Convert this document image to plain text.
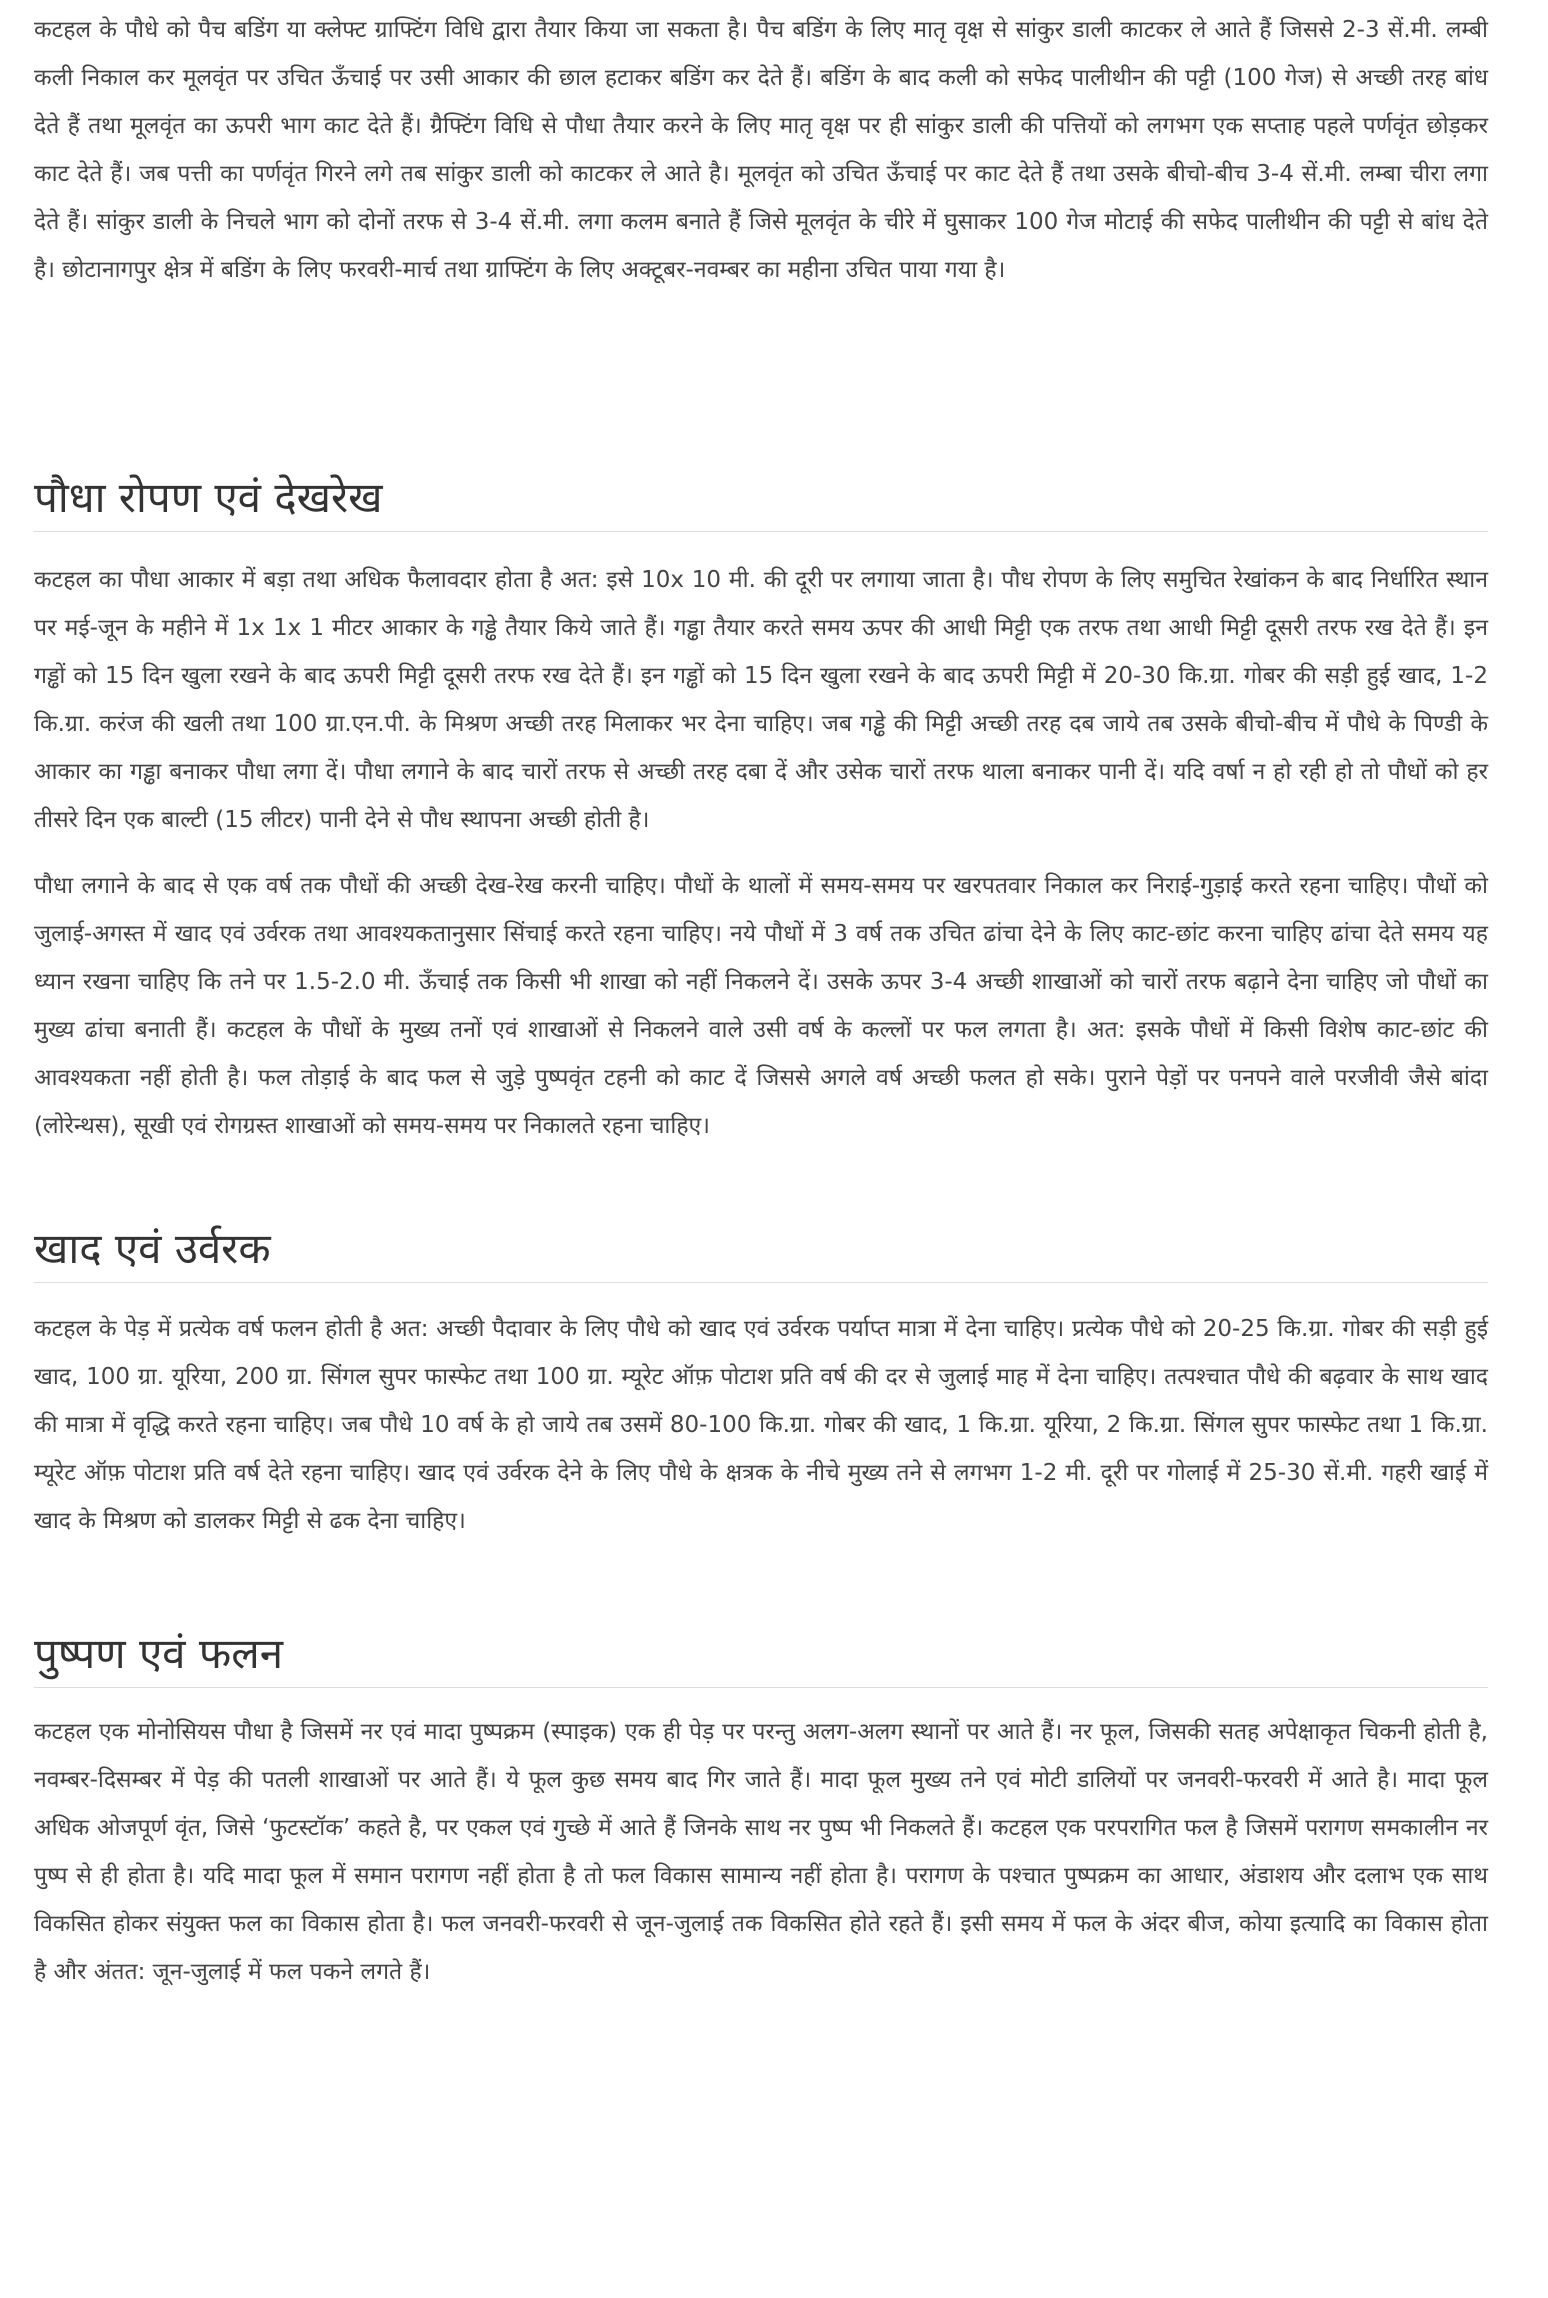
कटहल के पौधे को पैच बडिंग या क्लेफ्ट ग्राफ्टिंग विधि द्वारा तैयार किया जा सकता है। पैच बडिंग के लिए मातृ वृक्ष से सांकुर डाली काटकर ले आते हैं जिससे 2-3 सें.मी. लम्बी कली निकाल कर मूलवृंत पर उचित ऊँचाई पर उसी आकार की छाल हटाकर बडिंग कर देते हैं। बडिंग के बाद कली को सफेद पालीथीन की पट्टी (100 गेज) से अच्छी तरह बांध देते हैं तथा मूलवृंत का ऊपरी भाग काट देते हैं। ग्रैफ्टिंग विधि से पौधा तैयार करने के लिए मातृ वृक्ष पर ही सांकुर डाली की पत्तियों को लगभग एक सप्ताह पहले पर्णवृंत छोड़कर काट देते हैं। जब पत्ती का पर्णवृंत गिरने लगे तब सांकुर डाली को काटकर ले आते है। मूलवृंत को उचित ऊँचाई पर काट देते हैं तथा उसके बीचो-बीच 3-4 सें.मी. लम्बा चीरा लगा देते हैं। सांकुर डाली के निचले भाग को दोनों तरफ से 3-4 सें.मी. लगा कलम बनाते हैं जिसे मूलवृंत के चीरे में घुसाकर 100 गेज मोटाई की सफेद पालीथीन की पट्टी से बांध देते है। छोटानागपुर क्षेत्र में बडिंग के लिए फरवरी-मार्च तथा ग्राफ्टिंग के लिए अक्टूबर-नवम्बर का महीना उचित पाया गया है।

पौधा रोपण एवं देखरेख

कटहल का पौधा आकार में बड़ा तथा अधिक फैलावदार होता है अत: इसे 10x 10 मी. की दूरी पर लगाया जाता है। पौध रोपण के लिए समुचित रेखांकन के बाद निर्धारित स्थान पर मई-जून के महीने में 1x 1x 1 मीटर आकार के गड्ढे तैयार किये जाते हैं। गड्ढा तैयार करते समय ऊपर की आधी मिट्टी एक तरफ तथा आधी मिट्टी दूसरी तरफ रख देते हैं। इन गड्ढों को 15 दिन खुला रखने के बाद ऊपरी मिट्टी दूसरी तरफ रख देते हैं। इन गड्ढों को 15 दिन खुला रखने के बाद ऊपरी मिट्टी में 20-30 कि.ग्रा. गोबर की सड़ी हुई खाद, 1-2 कि.ग्रा. करंज की खली तथा 100 ग्रा.एन.पी. के मिश्रण अच्छी तरह मिलाकर भर देना चाहिए। जब गड्ढे की मिट्टी अच्छी तरह दब जाये तब उसके बीचो-बीच में पौधे के पिण्डी के आकार का गड्ढा बनाकर पौधा लगा दें। पौधा लगाने के बाद चारों तरफ से अच्छी तरह दबा दें और उसेक चारों तरफ थाला बनाकर पानी दें। यदि वर्षा न हो रही हो तो पौधों को हर तीसरे दिन एक बाल्टी (15 लीटर) पानी देने से पौध स्थापना अच्छी होती है।

पौधा लगाने के बाद से एक वर्ष तक पौधों की अच्छी देख-रेख करनी चाहिए। पौधों के थालों में समय-समय पर खरपतवार निकाल कर निराई-गुड़ाई करते रहना चाहिए। पौधों को जुलाई-अगस्त में खाद एवं उर्वरक तथा आवश्यकतानुसार सिंचाई करते रहना चाहिए। नये पौधों में 3 वर्ष तक उचित ढांचा देने के लिए काट-छांट करना चाहिए ढांचा देते समय यह ध्यान रखना चाहिए कि तने पर 1.5-2.0 मी. ऊँचाई तक किसी भी शाखा को नहीं निकलने दें। उसके ऊपर 3-4 अच्छी शाखाओं को चारों तरफ बढ़ाने देना चाहिए जो पौधों का मुख्य ढांचा बनाती हैं। कटहल के पौधों के मुख्य तनों एवं शाखाओं से निकलने वाले उसी वर्ष के कल्लों पर फल लगता है। अत: इसके पौधों में किसी विशेष काट-छांट की आवश्यकता नहीं होती है। फल तोड़ाई के बाद फल से जुड़े पुष्पवृंत टहनी को काट दें जिससे अगले वर्ष अच्छी फलत हो सके। पुराने पेड़ों पर पनपने वाले परजीवी जैसे बांदा (लोरेन्थस), सूखी एवं रोगग्रस्त शाखाओं को समय-समय पर निकालते रहना चाहिए।

खाद एवं उर्वरक

कटहल के पेड़ में प्रत्येक वर्ष फलन होती है अत: अच्छी पैदावार के लिए पौधे को खाद एवं उर्वरक पर्याप्त मात्रा में देना चाहिए। प्रत्येक पौधे को 20-25 कि.ग्रा. गोबर की सड़ी हुई खाद, 100 ग्रा. यूरिया, 200 ग्रा. सिंगल सुपर फास्फेट तथा 100 ग्रा. म्यूरेट ऑफ़ पोटाश प्रति वर्ष की दर से जुलाई माह में देना चाहिए। तत्पश्चात पौधे की बढ़वार के साथ खाद की मात्रा में वृद्धि करते रहना चाहिए। जब पौधे 10 वर्ष के हो जाये तब उसमें 80-100 कि.ग्रा. गोबर की खाद, 1 कि.ग्रा. यूरिया, 2 कि.ग्रा. सिंगल सुपर फास्फेट तथा 1 कि.ग्रा. म्यूरेट ऑफ़ पोटाश प्रति वर्ष देते रहना चाहिए। खाद एवं उर्वरक देने के लिए पौधे के क्षत्रक के नीचे मुख्य तने से लगभग 1-2 मी. दूरी पर गोलाई में 25-30 सें.मी. गहरी खाई में खाद के मिश्रण को डालकर मिट्टी से ढक देना चाहिए।

पुष्पण एवं फलन

कटहल एक मोनोसियस पौधा है जिसमें नर एवं मादा पुष्पक्रम (स्पाइक) एक ही पेड़ पर परन्तु अलग-अलग स्थानों पर आते हैं। नर फूल, जिसकी सतह अपेक्षाकृत चिकनी होती है, नवम्बर-दिसम्बर में पेड़ की पतली शाखाओं पर आते हैं। ये फूल कुछ समय बाद गिर जाते हैं। मादा फूल मुख्य तने एवं मोटी डालियों पर जनवरी-फरवरी में आते है। मादा फूल अधिक ओजपूर्ण वृंत, जिसे ‘फुटस्टॉक’ कहते है, पर एकल एवं गुच्छे में आते हैं जिनके साथ नर पुष्प भी निकलते हैं। कटहल एक परपरागित फल है जिसमें परागण समकालीन नर पुष्प से ही होता है। यदि मादा फूल में समान परागण नहीं होता है तो फल विकास सामान्य नहीं होता है। परागण के पश्चात पुष्पक्रम का आधार, अंडाशय और दलाभ एक साथ विकसित होकर संयुक्त फल का विकास होता है। फल जनवरी-फरवरी से जून-जुलाई तक विकसित होते रहते हैं। इसी समय में फल के अंदर बीज, कोया इत्यादि का विकास होता है और अंतत: जून-जुलाई में फल पकने लगते हैं।
